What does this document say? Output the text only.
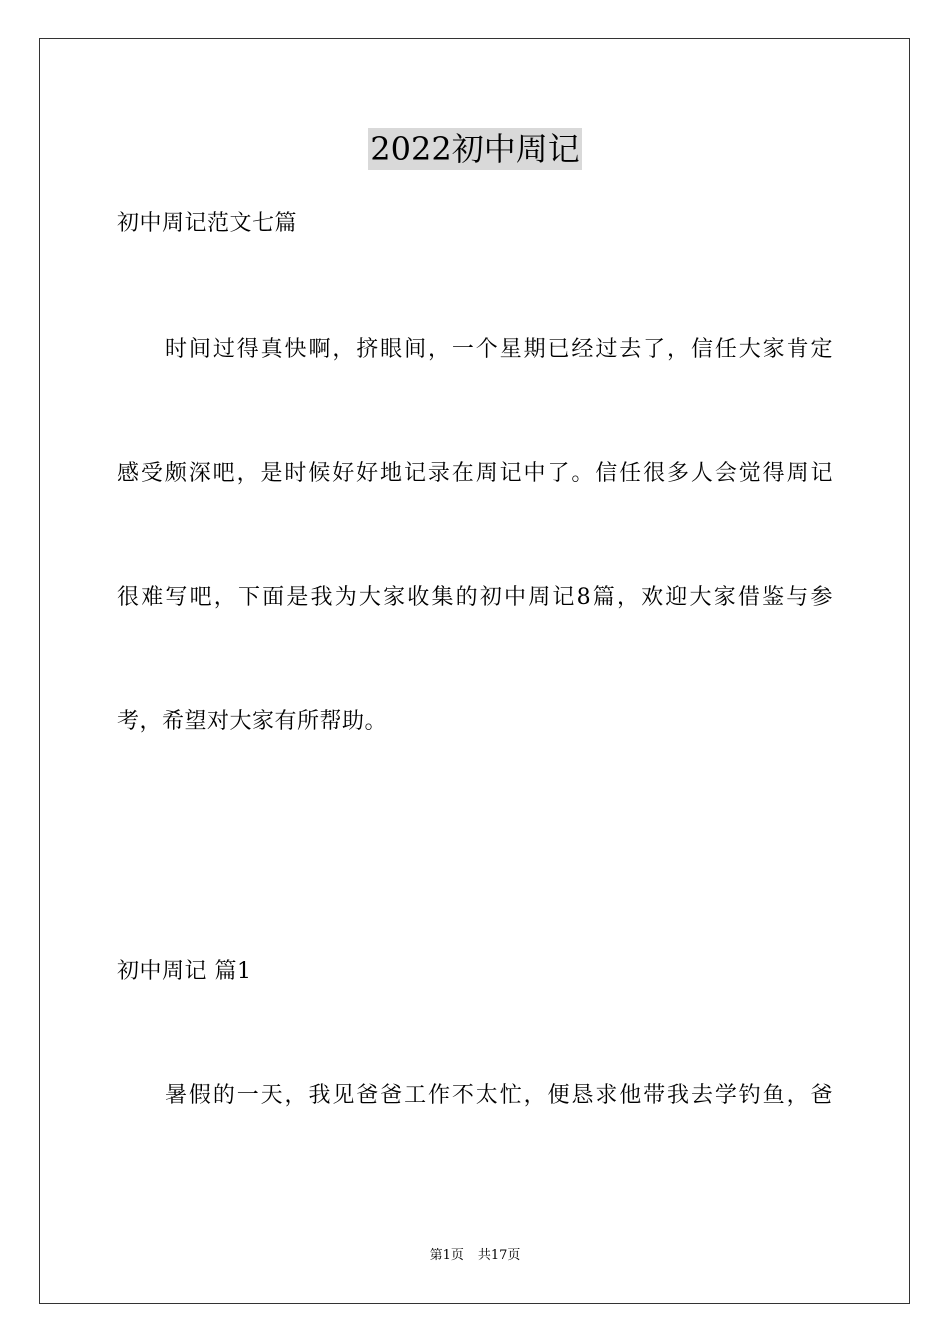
2022初中周记
初中周记范文七篇
时间过得真快啊，挤眼间，一个星期已经过去了，信任大家肯定
感受颇深吧，是时候好好地记录在周记中了。信任很多人会觉得周记
很难写吧，下面是我为大家收集的初中周记8篇，欢迎大家借鉴与参
考，希望对大家有所帮助。
初中周记 篇1
暑假的一天，我见爸爸工作不太忙，便恳求他带我去学钓鱼，爸
第1页 共17页
